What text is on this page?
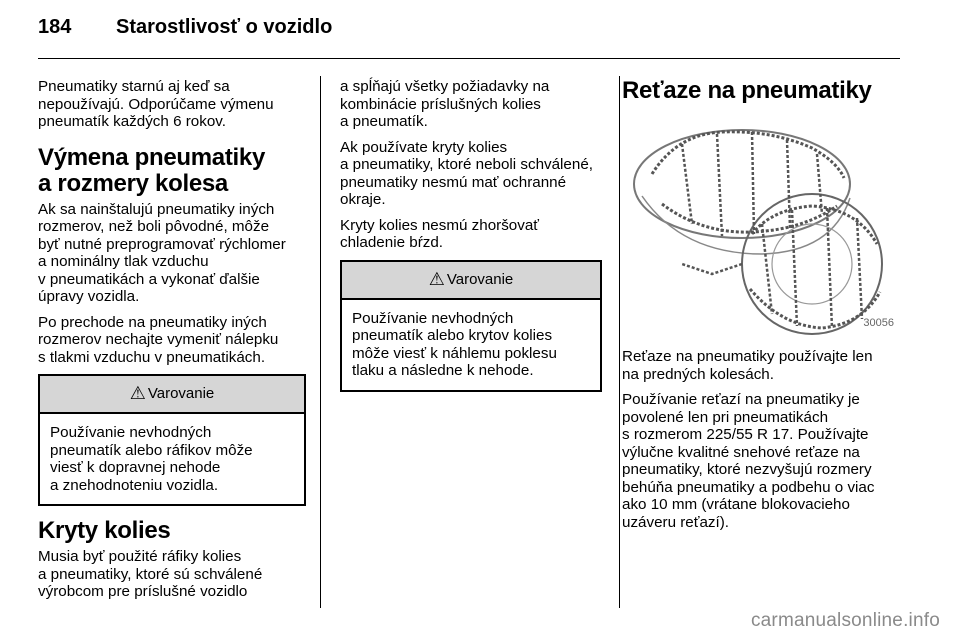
184 Starostlivosť o vozidlo

Pneumatiky starnú aj keď sa
nepoužívajú. Odporúčame výmenu
pneumatík každých 6 rokov.

Výmena pneumatiky
a rozmery kolesa

Ak sa nainštalujú pneumatiky iných
rozmerov, než boli pôvodné, môže
byť nutné preprogramovať rýchlomer
a nominálny tlak vzduchu
v pneumatikách a vykonať ďalšie
úpravy vozidla.

Po prechode na pneumatiky iných
rozmerov nechajte vymeniť nálepku
s tlakmi vzduchu v pneumatikách.

⚠ Varovanie
Používanie nevhodných
pneumatík alebo ráfikov môže
viesť k dopravnej nehode
a znehodnoteniu vozidla.
Kryty kolies

Musia byť použité ráfiky kolies
a pneumatiky, ktoré sú schválené
výrobcom pre príslušné vozidlo

a spĺňajú všetky požiadavky na
kombinácie príslušných kolies
a pneumatík.

Ak používate kryty kolies
a pneumatiky, ktoré neboli schválené,
pneumatiky nesmú mať ochranné
okraje.

Kryty kolies nesmú zhoršovať
chladenie bŕzd.

⚠ Varovanie
Používanie nevhodných
pneumatík alebo krytov kolies
môže viesť k náhlemu poklesu
tlaku a následne k nehode.
Reťaze na pneumatiky
30056

Reťaze na pneumatiky používajte len
na predných kolesách.

Používanie reťazí na pneumatiky je
povolené len pri pneumatikách
s rozmerom 225/55 R 17. Používajte
výlučne kvalitné snehové reťaze na
pneumatiky, ktoré nezvyšujú rozmery
behúňa pneumatiky a podbehu o viac
ako 10 mm (vrátane blokovacieho
uzáveru reťazí).

carmanualsonline.info
